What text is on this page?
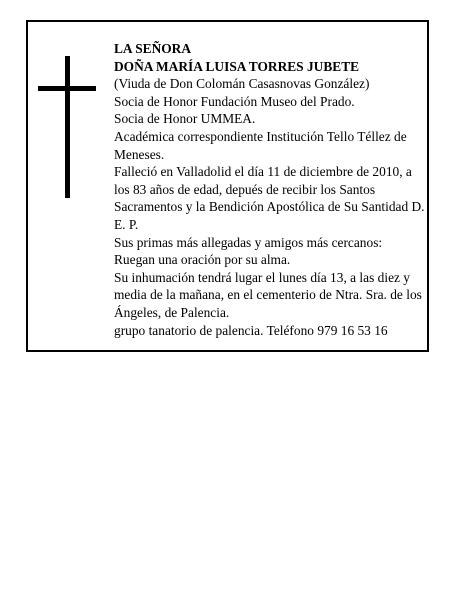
LA SEÑORA

DOÑA MARÍA LUISA TORRES JUBETE

(Viuda de Don Colomán Casasnovas González)

Socia de Honor Fundación Museo del Prado.

Socia de Honor UMMEA.

Académica correspondiente Institución Tello Téllez de Meneses.

Falleció en Valladolid el día 11 de diciembre de 2010, a los 83 años de edad, depués de recibir los Santos Sacramentos y la Bendición Apostólica de Su Santidad D. E. P.

Sus primas más allegadas y amigos más cercanos:

Ruegan una oración por su alma.

Su inhumación tendrá lugar el lunes día 13, a las diez y media de la mañana, en el cementerio de Ntra. Sra. de los Ángeles, de Palencia.

grupo tanatorio de palencia. Teléfono 979 16 53 16
